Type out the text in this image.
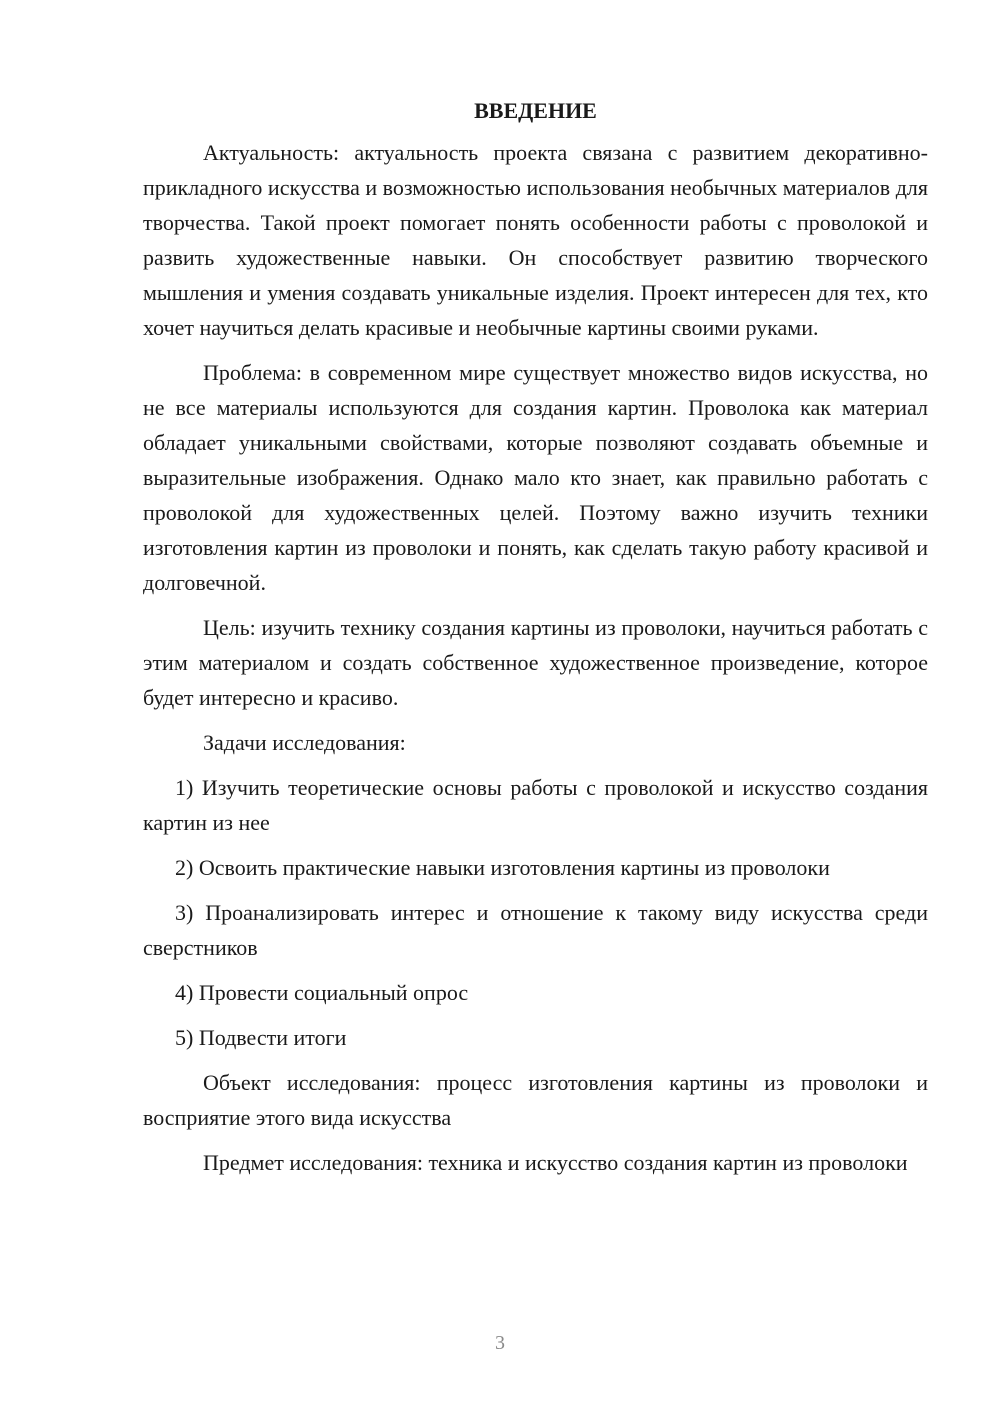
ВВЕДЕНИЕ

Актуальность: актуальность проекта связана с развитием декоративно-прикладного искусства и возможностью использования необычных материалов для творчества. Такой проект помогает понять особенности работы с проволокой и развить художественные навыки. Он способствует развитию творческого мышления и умения создавать уникальные изделия. Проект интересен для тех, кто хочет научиться делать красивые и необычные картины своими руками.

Проблема: в современном мире существует множество видов искусства, но не все материалы используются для создания картин. Проволока как материал обладает уникальными свойствами, которые позволяют создавать объемные и выразительные изображения. Однако мало кто знает, как правильно работать с проволокой для художественных целей. Поэтому важно изучить техники изготовления картин из проволоки и понять, как сделать такую работу красивой и долговечной.

Цель: изучить технику создания картины из проволоки, научиться работать с этим материалом и создать собственное художественное произведение, которое будет интересно и красиво.

Задачи исследования:

1) Изучить теоретические основы работы с проволокой и искусство создания картин из нее

2) Освоить практические навыки изготовления картины из проволоки

3) Проанализировать интерес и отношение к такому виду искусства среди сверстников

4) Провести социальный опрос

5) Подвести итоги

Объект исследования: процесс изготовления картины из проволоки и восприятие этого вида искусства

Предмет исследования: техника и искусство создания картин из проволоки

3
